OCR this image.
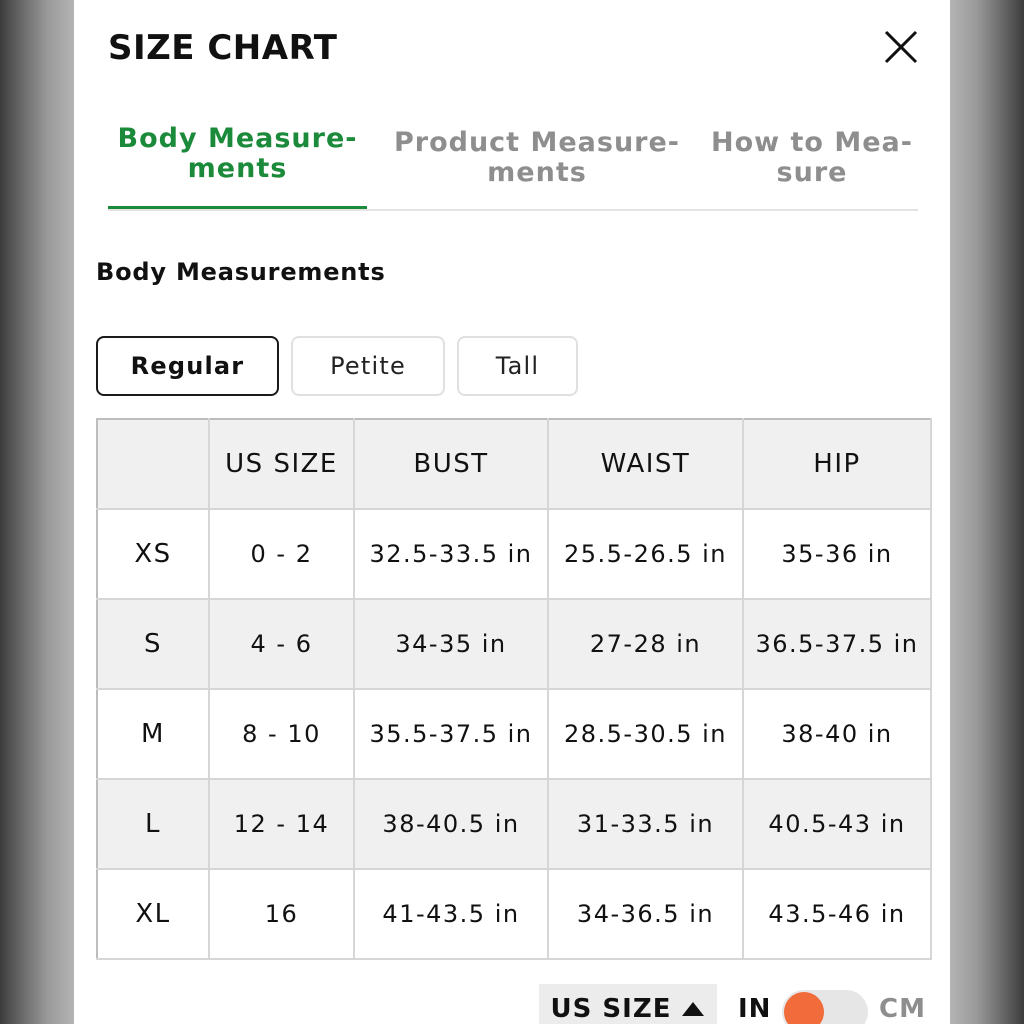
SIZE CHART
Body Measure-
ments
Product Measure-
ments
How to Mea-
sure
Body Measurements
Regular	Petite	Tall
	US SIZE	BUST	WAIST	HIP
XS	0 - 2	32.5-33.5 in	25.5-26.5 in	35-36 in
S	4 - 6	34-35 in	27-28 in	36.5-37.5 in
M	8 - 10	35.5-37.5 in	28.5-30.5 in	38-40 in
L	12 - 14	38-40.5 in	31-33.5 in	40.5-43 in
XL	16	41-43.5 in	34-36.5 in	43.5-46 in
US SIZE	IN	CM
